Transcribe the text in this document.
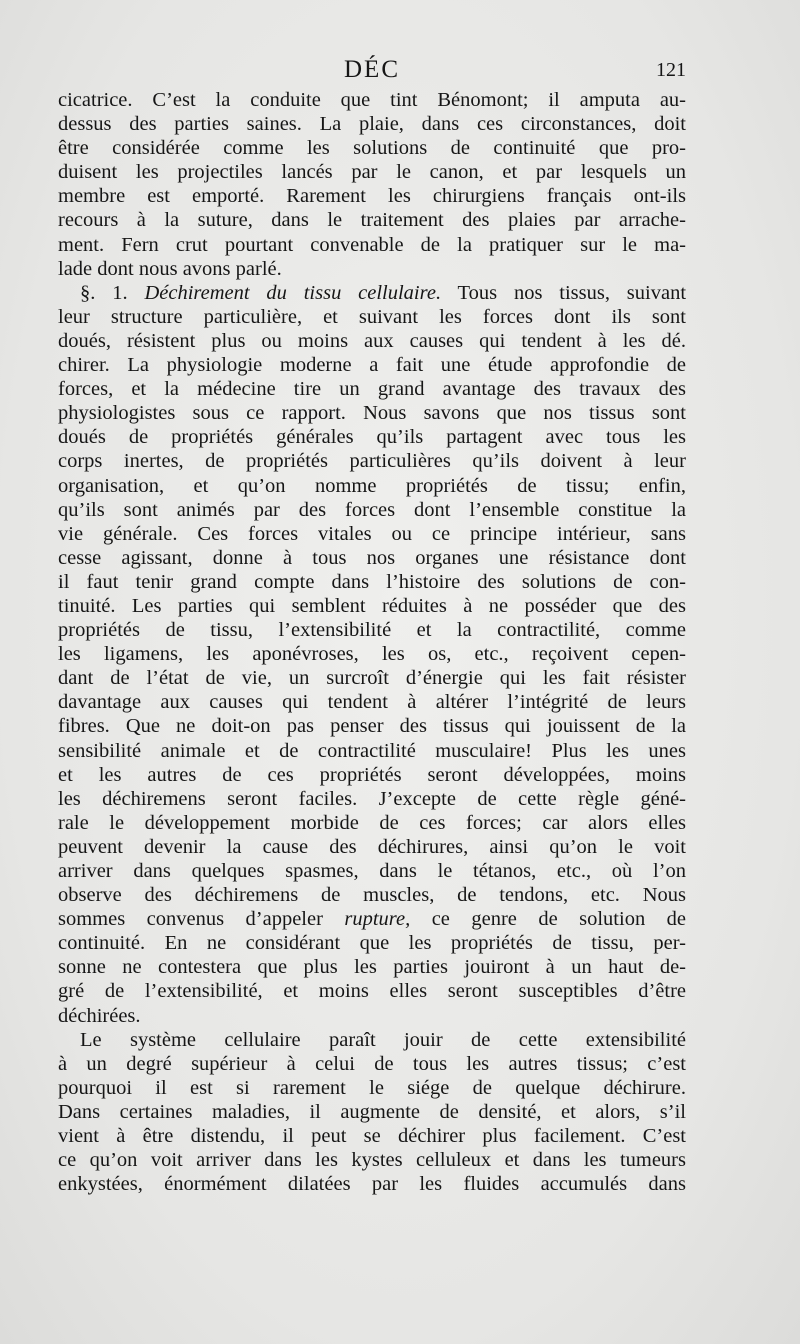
DÉC	121
cicatrice. C’est la conduite que tint Bénomont; il amputa au-
dessus des parties saines. La plaie, dans ces circonstances, doit
être considérée comme les solutions de continuité que pro-
duisent les projectiles lancés par le canon, et par lesquels un
membre est emporté. Rarement les chirurgiens français ont-ils
recours à la suture, dans le traitement des plaies par arrache-
ment. Fern crut pourtant convenable de la pratiquer sur le ma-
lade dont nous avons parlé.
§. 1. Déchirement du tissu cellulaire. Tous nos tissus, suivant
leur structure particulière, et suivant les forces dont ils sont
doués, résistent plus ou moins aux causes qui tendent à les dé.
chirer. La physiologie moderne a fait une étude approfondie de
forces, et la médecine tire un grand avantage des travaux des
physiologistes sous ce rapport. Nous savons que nos tissus sont
doués de propriétés générales qu’ils partagent avec tous les
corps inertes, de propriétés particulières qu’ils doivent à leur
organisation, et qu’on nomme propriétés de tissu; enfin,
qu’ils sont animés par des forces dont l’ensemble constitue la
vie générale. Ces forces vitales ou ce principe intérieur, sans
cesse agissant, donne à tous nos organes une résistance dont
il faut tenir grand compte dans l’histoire des solutions de con-
tinuité. Les parties qui semblent réduites à ne posséder que des
propriétés de tissu, l’extensibilité et la contractilité, comme
les ligamens, les aponévroses, les os, etc., reçoivent cepen-
dant de l’état de vie, un surcroît d’énergie qui les fait résister
davantage aux causes qui tendent à altérer l’intégrité de leurs
fibres. Que ne doit-on pas penser des tissus qui jouissent de la
sensibilité animale et de contractilité musculaire! Plus les unes
et les autres de ces propriétés seront développées, moins
les déchiremens seront faciles. J’excepte de cette règle géné-
rale le développement morbide de ces forces; car alors elles
peuvent devenir la cause des déchirures, ainsi qu’on le voit
arriver dans quelques spasmes, dans le tétanos, etc., où l’on
observe des déchiremens de muscles, de tendons, etc. Nous
sommes convenus d’appeler rupture, ce genre de solution de
continuité. En ne considérant que les propriétés de tissu, per-
sonne ne contestera que plus les parties jouiront à un haut de-
gré de l’extensibilité, et moins elles seront susceptibles d’être
déchirées.
Le système cellulaire paraît jouir de cette extensibilité
à un degré supérieur à celui de tous les autres tissus; c’est
pourquoi il est si rarement le siége de quelque déchirure.
Dans certaines maladies, il augmente de densité, et alors, s’il
vient à être distendu, il peut se déchirer plus facilement. C’est
ce qu’on voit arriver dans les kystes celluleux et dans les tumeurs
enkystées, énormément dilatées par les fluides accumulés dans
